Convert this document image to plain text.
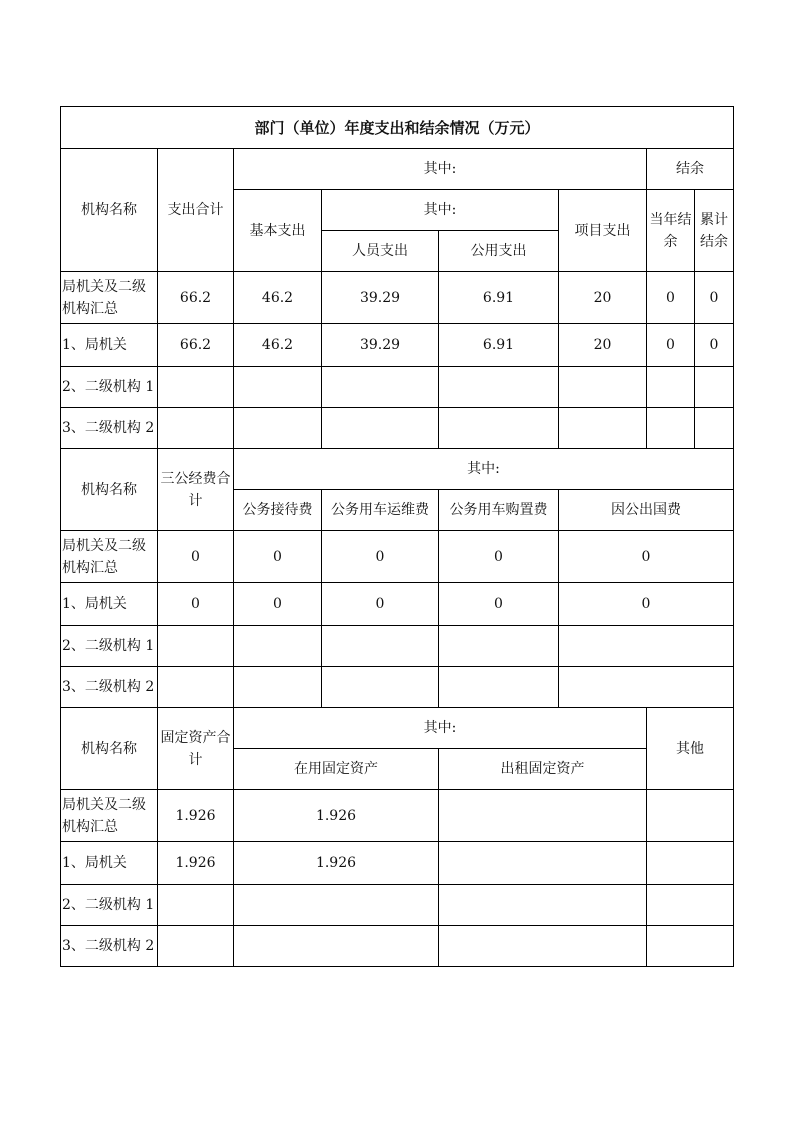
部门（单位）年度支出和结余情况（万元）							
机构名称	支出合计	其中:				结余	
		基本支出	其中:		项目支出	当年结余	累计结余
			人员支出	公用支出			
局机关及二级机构汇总	66.2	46.2	39.29	6.91	20	0	0
1、局机关	66.2	46.2	39.29	6.91	20	0	0
2、二级机构 1							
3、二级机构 2							
机构名称	三公经费合计	其中:					
		公务接待费	公务用车运维费	公务用车购置费	因公出国费		
局机关及二级机构汇总	0	0	0	0	0		
1、局机关	0	0	0	0	0		
2、二级机构 1							
3、二级机构 2							
机构名称	固定资产合计	其中:				其他	
		在用固定资产		出租固定资产			
局机关及二级机构汇总	1.926	1.926					
1、局机关	1.926	1.926					
2、二级机构 1							
3、二级机构 2							
